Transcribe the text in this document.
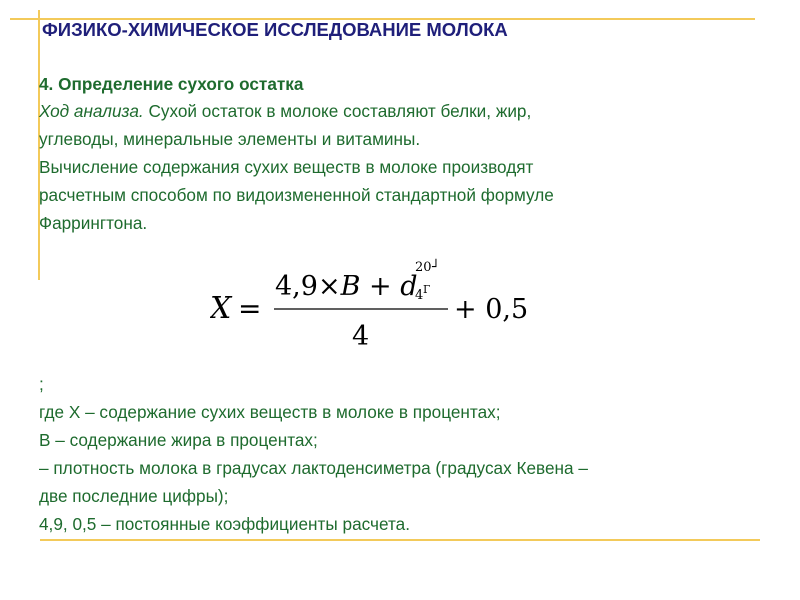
ФИЗИКО-ХИМИЧЕСКОЕ ИССЛЕДОВАНИЕ МОЛОКА
4. Определение сухого остатка
Ход анализа. Сухой остаток в молоке составляют белки, жир,
углеводы, минеральные элементы и витамины.
Вычисление содержания сухих веществ в молоке производят
расчетным способом по видоизмененной стандартной формуле
Фаррингтона.
X =
4,9×B + d
20 ┘
4 Г
4
+ 0,5
;
где X – содержание сухих веществ в молоке в процентах;
B – содержание жира в процентах;
– плотность молока в градусах лактоденсиметра (градусах Кевена –
две последние цифры);
4,9, 0,5 – постоянные коэффициенты расчета.
